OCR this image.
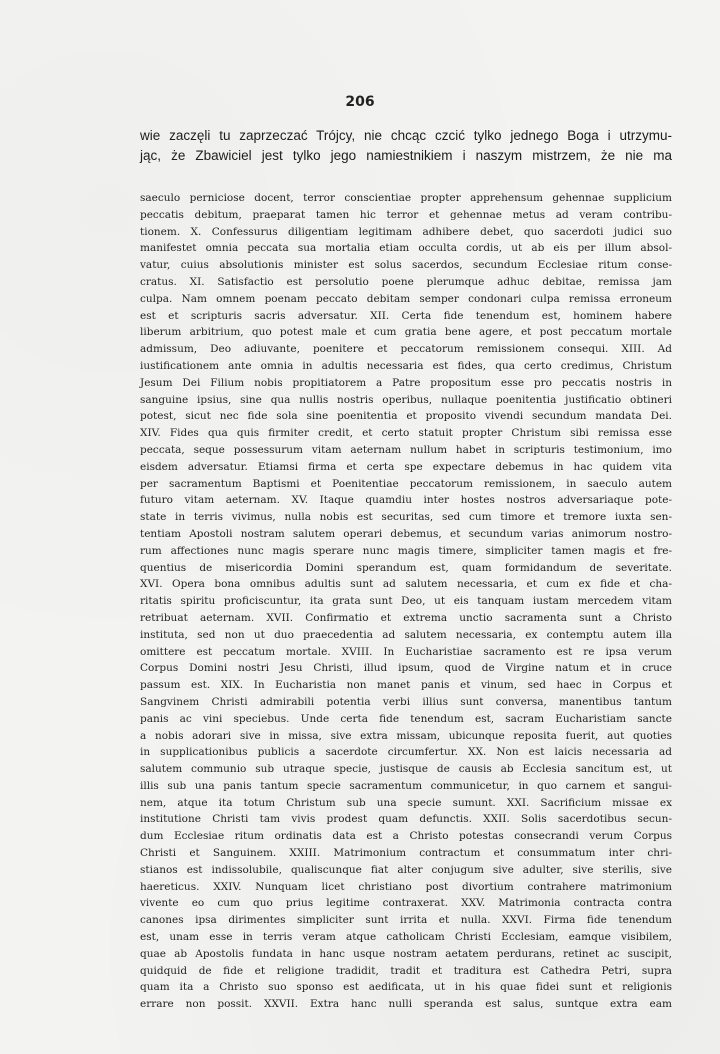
206
wie zaczęli tu zaprzeczać Trójcy, nie chcąc czcić tylko jednego Boga i utrzymu-
jąc, że Zbawiciel jest tylko jego namiestnikiem i naszym mistrzem, że nie ma
saeculo perniciose docent, terror conscientiae propter apprehensum gehennae supplicium
peccatis debitum, praeparat tamen hic terror et gehennae metus ad veram contribu-
tionem. X. Confessurus diligentiam legitimam adhibere debet, quo sacerdoti judici suo
manifestet omnia peccata sua mortalia etiam occulta cordis, ut ab eis per illum absol-
vatur, cuius absolutionis minister est solus sacerdos, secundum Ecclesiae ritum conse-
cratus. XI. Satisfactio est persolutio poene plerumque adhuc debitae, remissa jam
culpa. Nam omnem poenam peccato debitam semper condonari culpa remissa erroneum
est et scripturis sacris adversatur. XII. Certa fide tenendum est, hominem habere
liberum arbitrium, quo potest male et cum gratia bene agere, et post peccatum mortale
admissum, Deo adiuvante, poenitere et peccatorum remissionem consequi. XIII. Ad
iustificationem ante omnia in adultis necessaria est fides, qua certo credimus, Christum
Jesum Dei Filium nobis propitiatorem a Patre propositum esse pro peccatis nostris in
sanguine ipsius, sine qua nullis nostris operibus, nullaque poenitentia justificatio obtineri
potest, sicut nec fide sola sine poenitentia et proposito vivendi secundum mandata Dei.
XIV. Fides qua quis firmiter credit, et certo statuit propter Christum sibi remissa esse
peccata, seque possessurum vitam aeternam nullum habet in scripturis testimonium, imo
eisdem adversatur. Etiamsi firma et certa spe expectare debemus in hac quidem vita
per sacramentum Baptismi et Poenitentiae peccatorum remissionem, in saeculo autem
futuro vitam aeternam. XV. Itaque quamdiu inter hostes nostros adversariaque pote-
state in terris vivimus, nulla nobis est securitas, sed cum timore et tremore iuxta sen-
tentiam Apostoli nostram salutem operari debemus, et secundum varias animorum nostro-
rum affectiones nunc magis sperare nunc magis timere, simpliciter tamen magis et fre-
quentius de misericordia Domini sperandum est, quam formidandum de severitate.
XVI. Opera bona omnibus adultis sunt ad salutem necessaria, et cum ex fide et cha-
ritatis spiritu proficiscuntur, ita grata sunt Deo, ut eis tanquam iustam mercedem vitam
retribuat aeternam. XVII. Confirmatio et extrema unctio sacramenta sunt a Christo
instituta, sed non ut duo praecedentia ad salutem necessaria, ex contemptu autem illa
omittere est peccatum mortale. XVIII. In Eucharistiae sacramento est re ipsa verum
Corpus Domini nostri Jesu Christi, illud ipsum, quod de Virgine natum et in cruce
passum est. XIX. In Eucharistia non manet panis et vinum, sed haec in Corpus et
Sangvinem Christi admirabili potentia verbi illius sunt conversa, manentibus tantum
panis ac vini speciebus. Unde certa fide tenendum est, sacram Eucharistiam sancte
a nobis adorari sive in missa, sive extra missam, ubicunque reposita fuerit, aut quoties
in supplicationibus publicis a sacerdote circumfertur. XX. Non est laicis necessaria ad
salutem communio sub utraque specie, justisque de causis ab Ecclesia sancitum est, ut
illis sub una panis tantum specie sacramentum communicetur, in quo carnem et sangui-
nem, atque ita totum Christum sub una specie sumunt. XXI. Sacrificium missae ex
institutione Christi tam vivis prodest quam defunctis. XXII. Solis sacerdotibus secun-
dum Ecclesiae ritum ordinatis data est a Christo potestas consecrandi verum Corpus
Christi et Sanguinem. XXIII. Matrimonium contractum et consummatum inter chri-
stianos est indissolubile, qualiscunque fiat alter conjugum sive adulter, sive sterilis, sive
haereticus. XXIV. Nunquam licet christiano post divortium contrahere matrimonium
vivente eo cum quo prius legitime contraxerat. XXV. Matrimonia contracta contra
canones ipsa dirimentes simpliciter sunt irrita et nulla. XXVI. Firma fide tenendum
est, unam esse in terris veram atque catholicam Christi Ecclesiam, eamque visibilem,
quae ab Apostolis fundata in hanc usque nostram aetatem perdurans, retinet ac suscipit,
quidquid de fide et religione tradidit, tradit et traditura est Cathedra Petri, supra
quam ita a Christo suo sponso est aedificata, ut in his quae fidei sunt et religionis
errare non possit. XXVII. Extra hanc nulli speranda est salus, suntque extra eam
